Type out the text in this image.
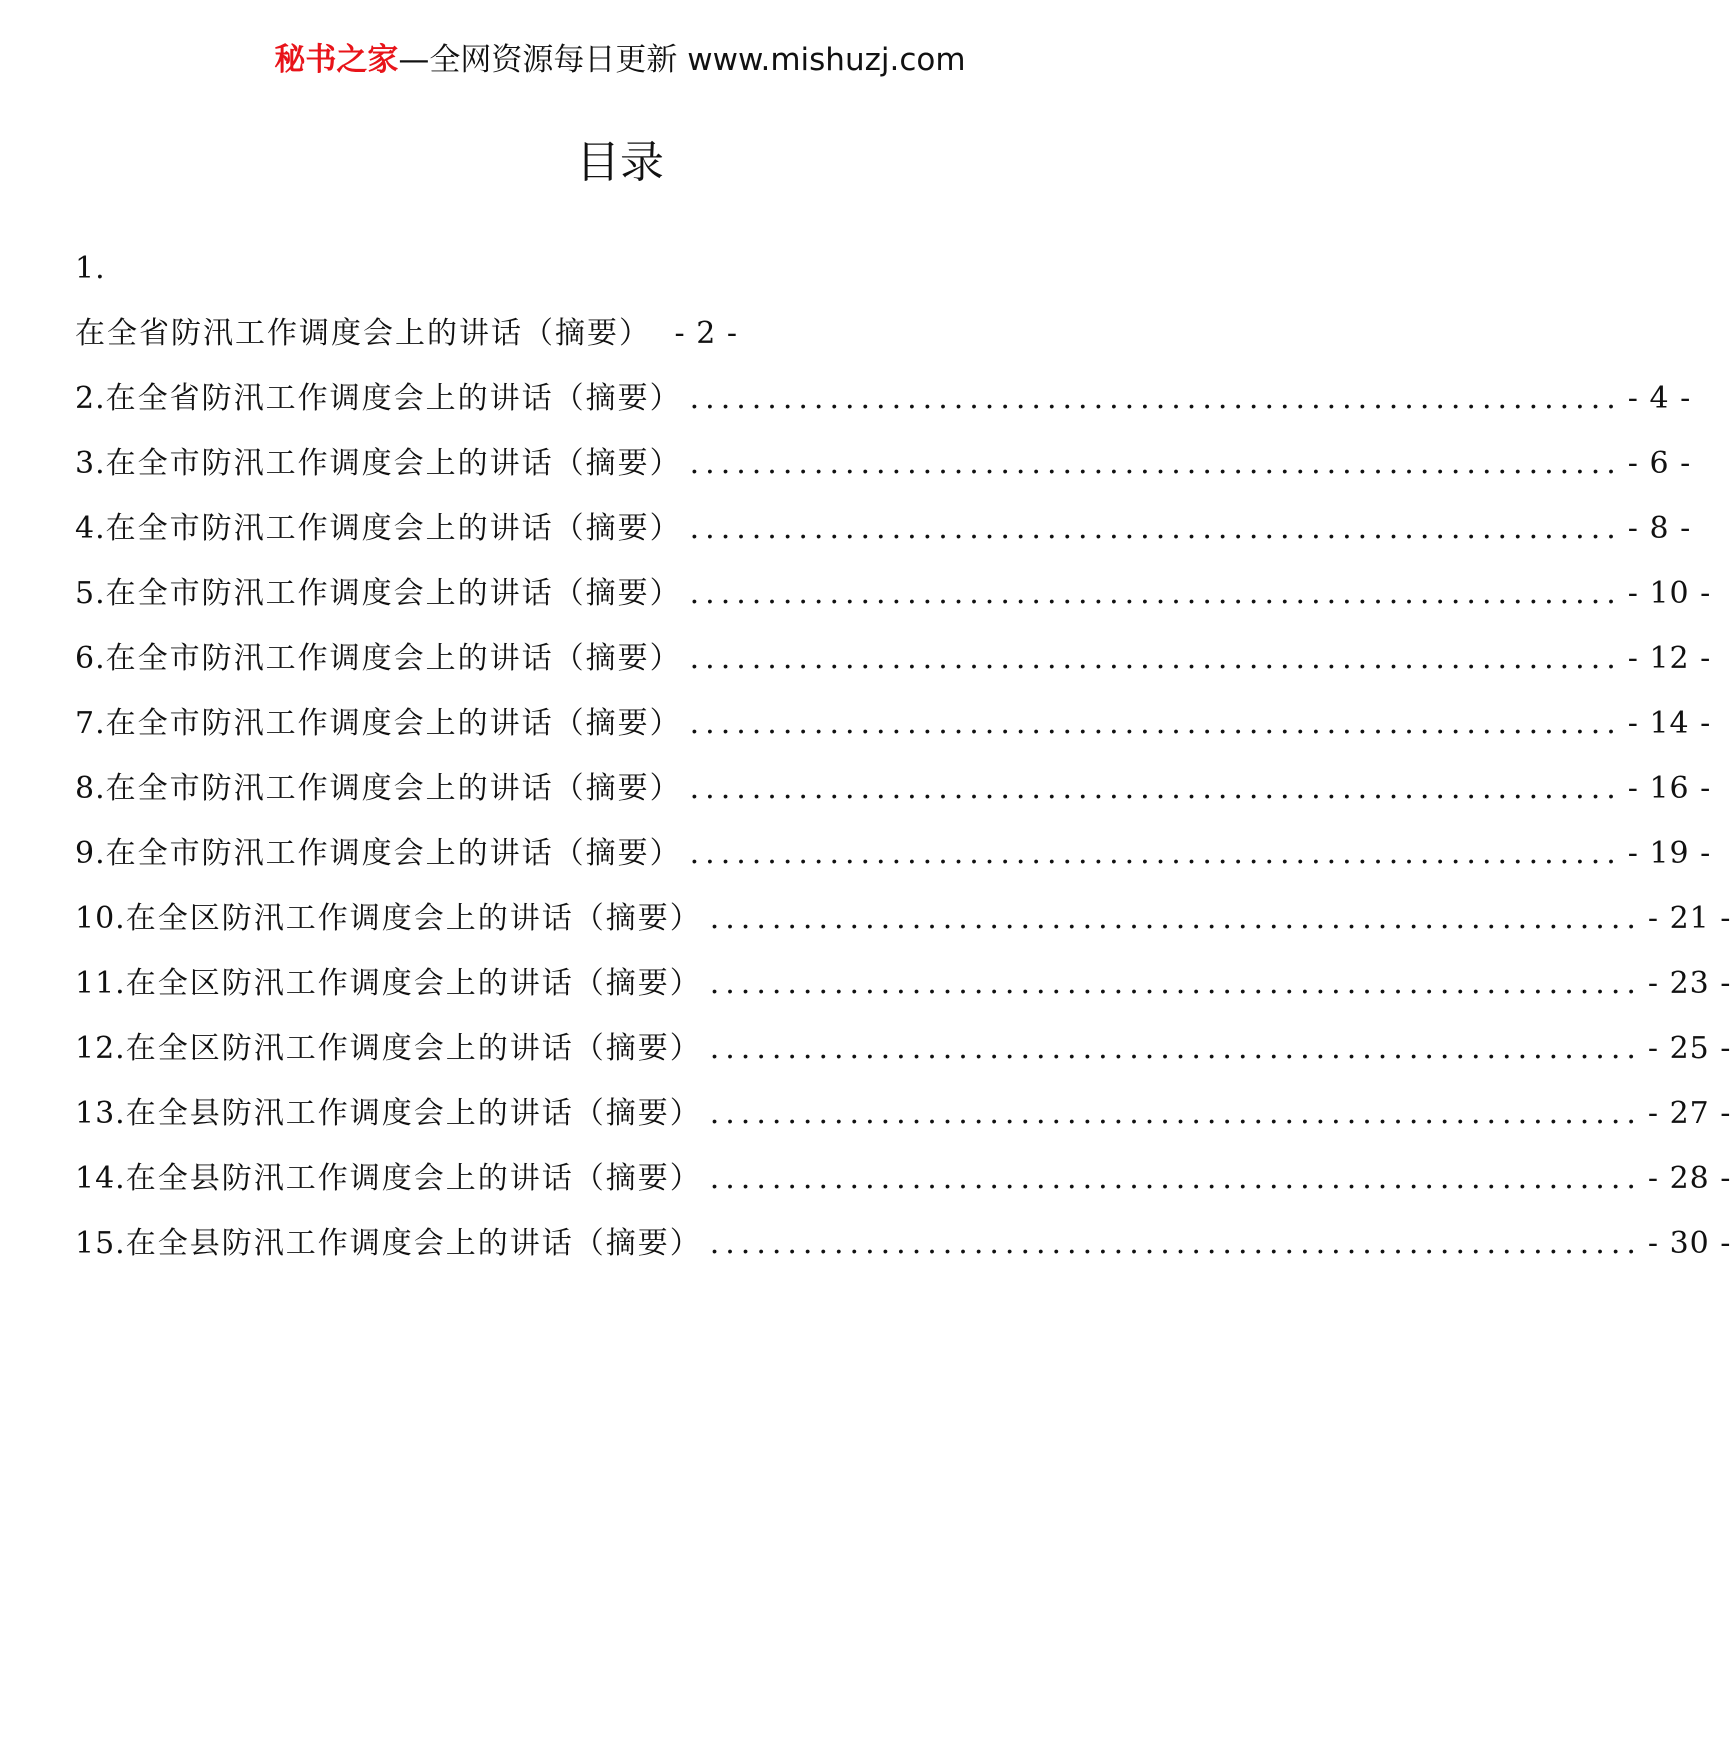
秘书之家—全网资源每日更新 www.mishuzj.com
目录
1.
在全省防汛工作调度会上的讲话（摘要） - 2 -
2. 在全省防汛工作调度会上的讲话（摘要） ............................................................ - 4 -
3. 在全市防汛工作调度会上的讲话（摘要） ............................................................ - 6 -
4. 在全市防汛工作调度会上的讲话（摘要） ............................................................ - 8 -
5. 在全市防汛工作调度会上的讲话（摘要） ............................................................ - 10 -
6. 在全市防汛工作调度会上的讲话（摘要） ............................................................ - 12 -
7. 在全市防汛工作调度会上的讲话（摘要） ............................................................ - 14 -
8. 在全市防汛工作调度会上的讲话（摘要） ............................................................ - 16 -
9. 在全市防汛工作调度会上的讲话（摘要） ............................................................ - 19 -
10. 在全区防汛工作调度会上的讲话（摘要） ............................................................ - 21 -
11. 在全区防汛工作调度会上的讲话（摘要） ............................................................ - 23 -
12. 在全区防汛工作调度会上的讲话（摘要） ............................................................ - 25 -
13. 在全县防汛工作调度会上的讲话（摘要） ............................................................ - 27 -
14. 在全县防汛工作调度会上的讲话（摘要） ............................................................ - 28 -
15. 在全县防汛工作调度会上的讲话（摘要） ............................................................ - 30 -
